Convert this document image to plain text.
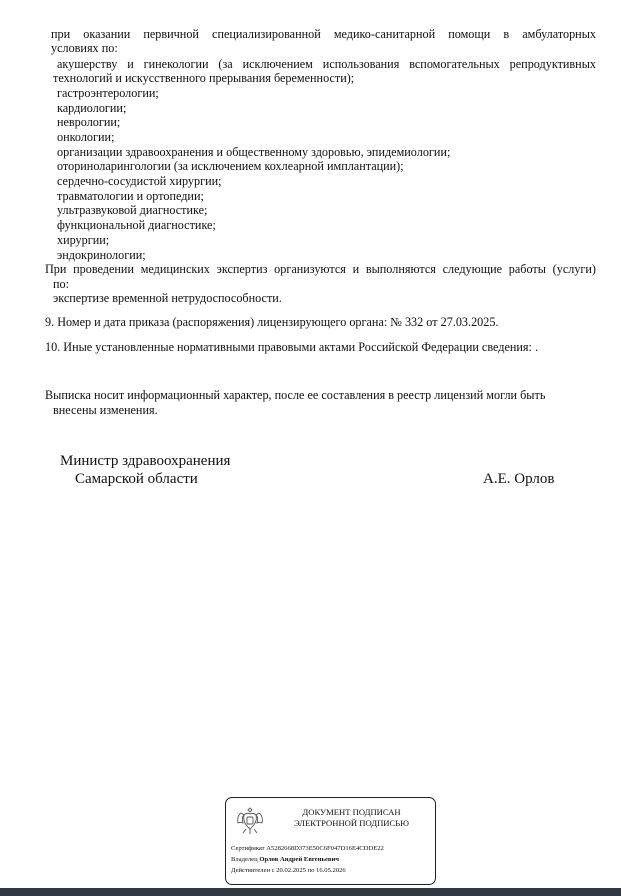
при оказании первичной специализированной медико-санитарной помощи в амбулаторных
условиях по:
акушерству и гинекологии (за исключением использования вспомогательных репродуктивных
технологий и искусственного прерывания беременности);
гастроэнтерологии;
кардиологии;
неврологии;
онкологии;
организации здравоохранения и общественному здоровью, эпидемиологии;
оториноларингологии (за исключением кохлеарной имплантации);
сердечно-сосудистой хирургии;
травматологии и ортопедии;
ультразвуковой диагностике;
функциональной диагностике;
хирургии;
эндокринологии;
При проведении медицинских экспертиз организуются и выполняются следующие работы (услуги)
по:
экспертизе временной нетрудоспособности.
9. Номер и дата приказа (распоряжения) лицензирующего органа: № 332 от 27.03.2025.
10. Иные установленные нормативными правовыми актами Российской Федерации сведения: .
Выписка носит информационный характер, после ее составления в реестр лицензий могли быть
внесены изменения.
Министр здравоохранения
Самарской области	А.Е. Орлов
ДОКУМЕНТ ПОДПИСАН
ЭЛЕКТРОННОЙ ПОДПИСЬЮ
Сертификат A5282668D373E50C6F047D16E4CDDE22
Владелец Орлов Андрей Евгеньевич
Действителен с 20.02.2025 по 16.05.2026
